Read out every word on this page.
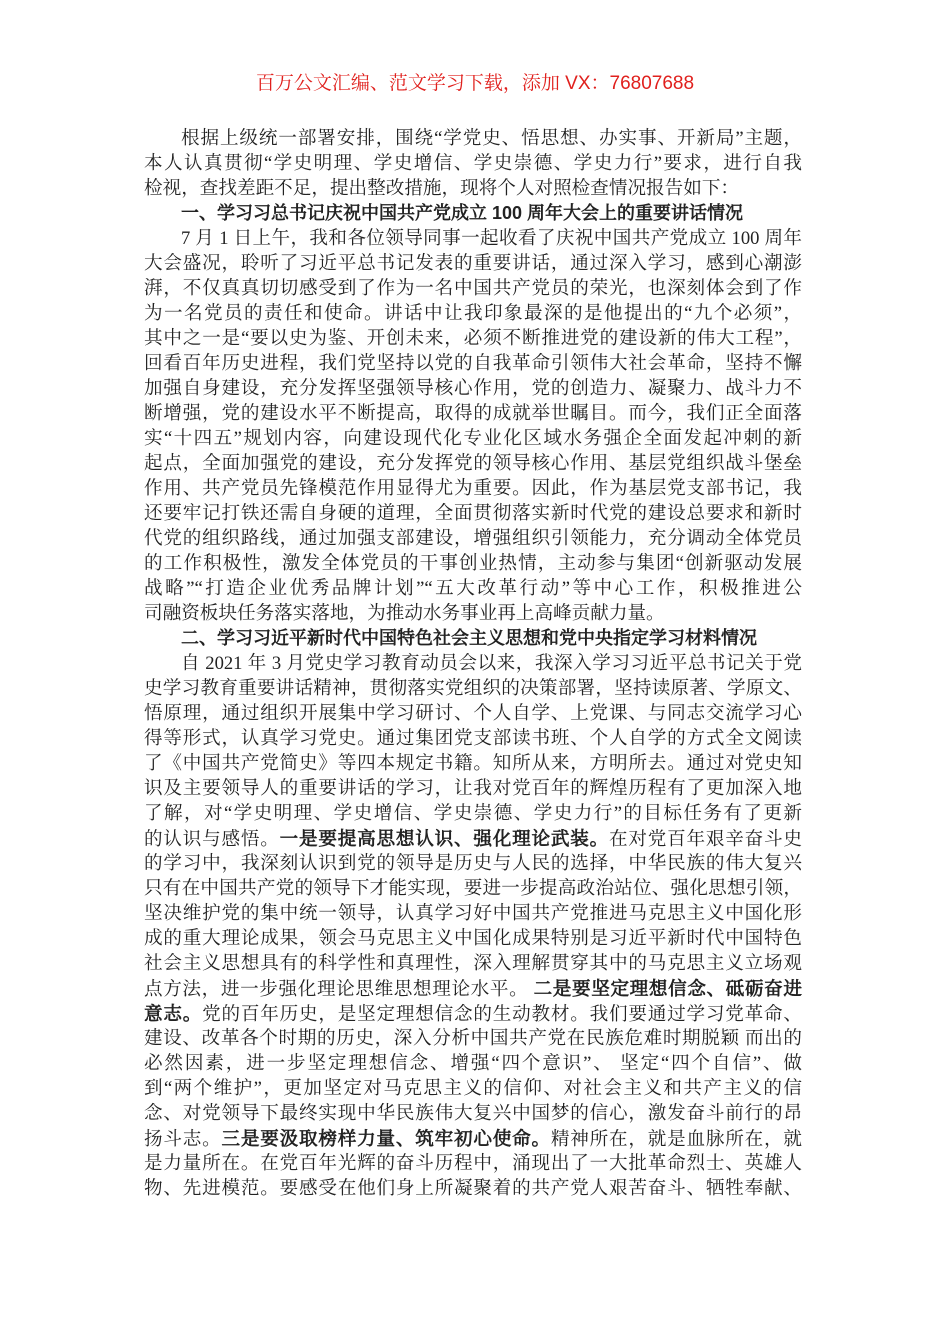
百万公文汇编、范文学习下载，添加 VX：76807688
根据上级统一部署安排，围绕“学党史、悟思想、办实事、开新局”主题，
本人认真贯彻“学史明理、学史增信、学史崇德、学史力行”要求，进行自我
检视，查找差距不足，提出整改措施，现将个人对照检查情况报告如下：
一、学习习总书记庆祝中国共产党成立 100 周年大会上的重要讲话情况
7 月 1 日上午，我和各位领导同事一起收看了庆祝中国共产党成立 100 周年
大会盛况，聆听了习近平总书记发表的重要讲话，通过深入学习，感到心潮澎
湃，不仅真真切切感受到了作为一名中国共产党员的荣光，也深刻体会到了作
为一名党员的责任和使命。讲话中让我印象最深的是他提出的“九个必须”，
其中之一是“要以史为鉴、开创未来，必须不断推进党的建设新的伟大工程”，
回看百年历史进程，我们党坚持以党的自我革命引领伟大社会革命，坚持不懈
加强自身建设，充分发挥坚强领导核心作用，党的创造力、凝聚力、战斗力不
断增强，党的建设水平不断提高，取得的成就举世瞩目。而今，我们正全面落
实“十四五”规划内容，向建设现代化专业化区域水务强企全面发起冲刺的新
起点，全面加强党的建设，充分发挥党的领导核心作用、基层党组织战斗堡垒
作用、共产党员先锋模范作用显得尤为重要。因此，作为基层党支部书记，我
还要牢记打铁还需自身硬的道理，全面贯彻落实新时代党的建设总要求和新时
代党的组织路线，通过加强支部建设，增强组织引领能力，充分调动全体党员
的工作积极性，激发全体党员的干事创业热情，主动参与集团“创新驱动发展
战略”“打造企业优秀品牌计划”“五大改革行动”等中心工作，积极推进公
司融资板块任务落实落地，为推动水务事业再上高峰贡献力量。
二、学习习近平新时代中国特色社会主义思想和党中央指定学习材料情况
自 2021 年 3 月党史学习教育动员会以来，我深入学习习近平总书记关于党
史学习教育重要讲话精神，贯彻落实党组织的决策部署，坚持读原著、学原文、
悟原理，通过组织开展集中学习研讨、个人自学、上党课、与同志交流学习心
得等形式，认真学习党史。通过集团党支部读书班、个人自学的方式全文阅读
了《中国共产党简史》等四本规定书籍。知所从来，方明所去。通过对党史知
识及主要领导人的重要讲话的学习，让我对党百年的辉煌历程有了更加深入地
了解，对“学史明理、学史增信、学史崇德、学史力行”的目标任务有了更新
的认识与感悟。一是要提高思想认识、强化理论武装。在对党百年艰辛奋斗史
的学习中，我深刻认识到党的领导是历史与人民的选择，中华民族的伟大复兴
只有在中国共产党的领导下才能实现，要进一步提高政治站位、强化思想引领，
坚决维护党的集中统一领导，认真学习好中国共产党推进马克思主义中国化形
成的重大理论成果，领会马克思主义中国化成果特别是习近平新时代中国特色
社会主义思想具有的科学性和真理性，深入理解贯穿其中的马克思主义立场观
点方法，进一步强化理论思维思想理论水平。 二是要坚定理想信念、砥砺奋进
意志。党的百年历史，是坚定理想信念的生动教材。我们要通过学习党革命、
建设、改革各个时期的历史，深入分析中国共产党在民族危难时期脱颖 而出的
必然因素，进一步坚定理想信念、增强“四个意识”、 坚定“四个自信”、做
到“两个维护”，更加坚定对马克思主义的信仰、对社会主义和共产主义的信
念、对党领导下最终实现中华民族伟大复兴中国梦的信心，激发奋斗前行的昂
扬斗志。三是要汲取榜样力量、筑牢初心使命。精神所在，就是血脉所在，就
是力量所在。在党百年光辉的奋斗历程中，涌现出了一大批革命烈士、英雄人
物、先进模范。要感受在他们身上所凝聚着的共产党人艰苦奋斗、牺牲奉献、
